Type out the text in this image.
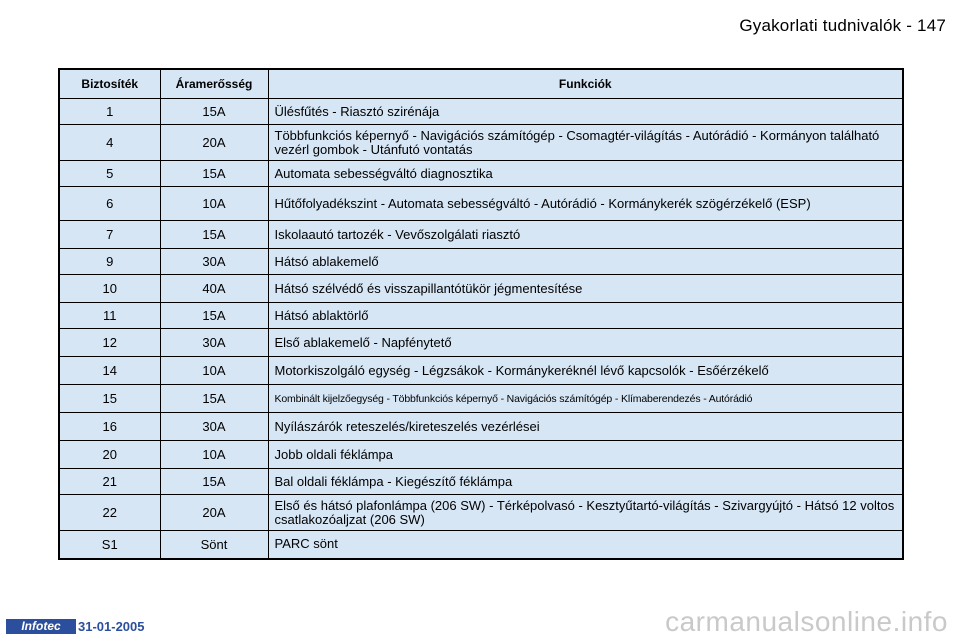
Gyakorlati tudnivalók - 147
Biztosíték	Áramerősség	Funkciók
1	15A	Ülésfűtés - Riasztó szirénája
4	20A	Többfunkciós képernyő - Navigációs számítógép - Csomagtér-világítás - Autórádió - Kormányon található vezérl gombok - Utánfutó vontatás
5	15A	Automata sebességváltó diagnosztika
6	10A	Hűtőfolyadékszint - Automata sebességváltó - Autórádió - Kormánykerék szögérzékelő (ESP)
7	15A	Iskolaautó tartozék - Vevőszolgálati riasztó
9	30A	Hátsó ablakemelő
10	40A	Hátsó szélvédő és visszapillantótükör jégmentesítése
11	15A	Hátsó ablaktörlő
12	30A	Első ablakemelő - Napfénytető
14	10A	Motorkiszolgáló egység - Légzsákok - Kormánykeréknél lévő kapcsolók - Esőérzékelő
15	15A	Kombinált kijelzőegység - Többfunkciós képernyő - Navigációs számítógép - Klímaberendezés - Autórádió
16	30A	Nyílászárók reteszelés/kireteszelés vezérlései
20	10A	Jobb oldali féklámpa
21	15A	Bal oldali féklámpa - Kiegészítő féklámpa
22	20A	Első és hátsó plafonlámpa (206 SW) - Térképolvasó - Kesztyűtartó-világítás - Szivargyújtó - Hátsó 12 voltos csatlakozóaljzat (206 SW)
S1	Sönt	PARC sönt
Infotec	31-01-2005	carmanualsonline.info
